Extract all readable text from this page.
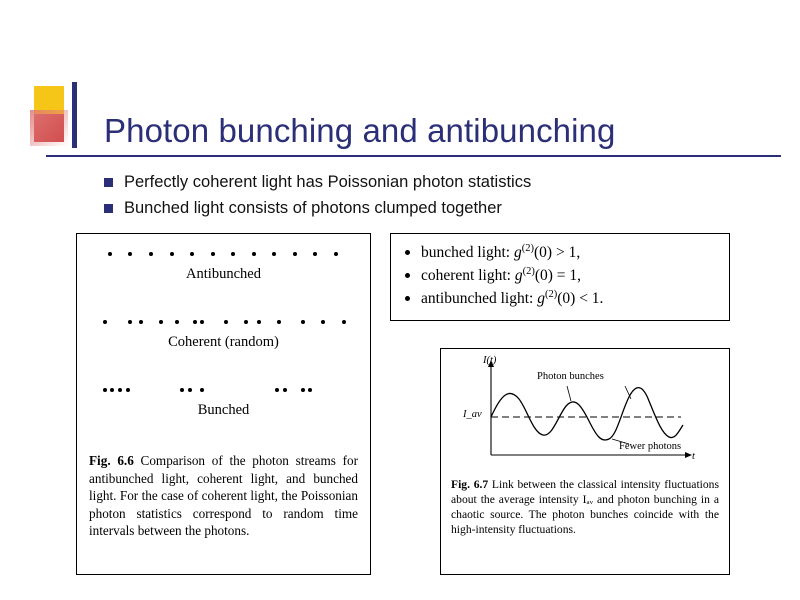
Photon bunching and antibunching
Perfectly coherent light has Poissonian photon statistics
Bunched light consists of photons clumped together
Antibunched
Coherent (random)
Bunched
Fig. 6.6 Comparison of the photon streams for antibunched light, coherent light, and bunched light. For the case of coherent light, the Poissonian photon statistics correspond to random time intervals between the photons.
bunched light: $g^{(2)}(0) > 1$,
coherent light: $g^{(2)}(0) = 1$,
antibunched light: $g^{(2)}(0) < 1$.
I(t)
t
I_av
Photon bunches
Fewer photons
Fig. 6.7 Link between the classical intensity fluctuations about the average intensity Iₐᵥ and photon bunching in a chaotic source. The photon bunches coincide with the high-intensity fluctuations.
